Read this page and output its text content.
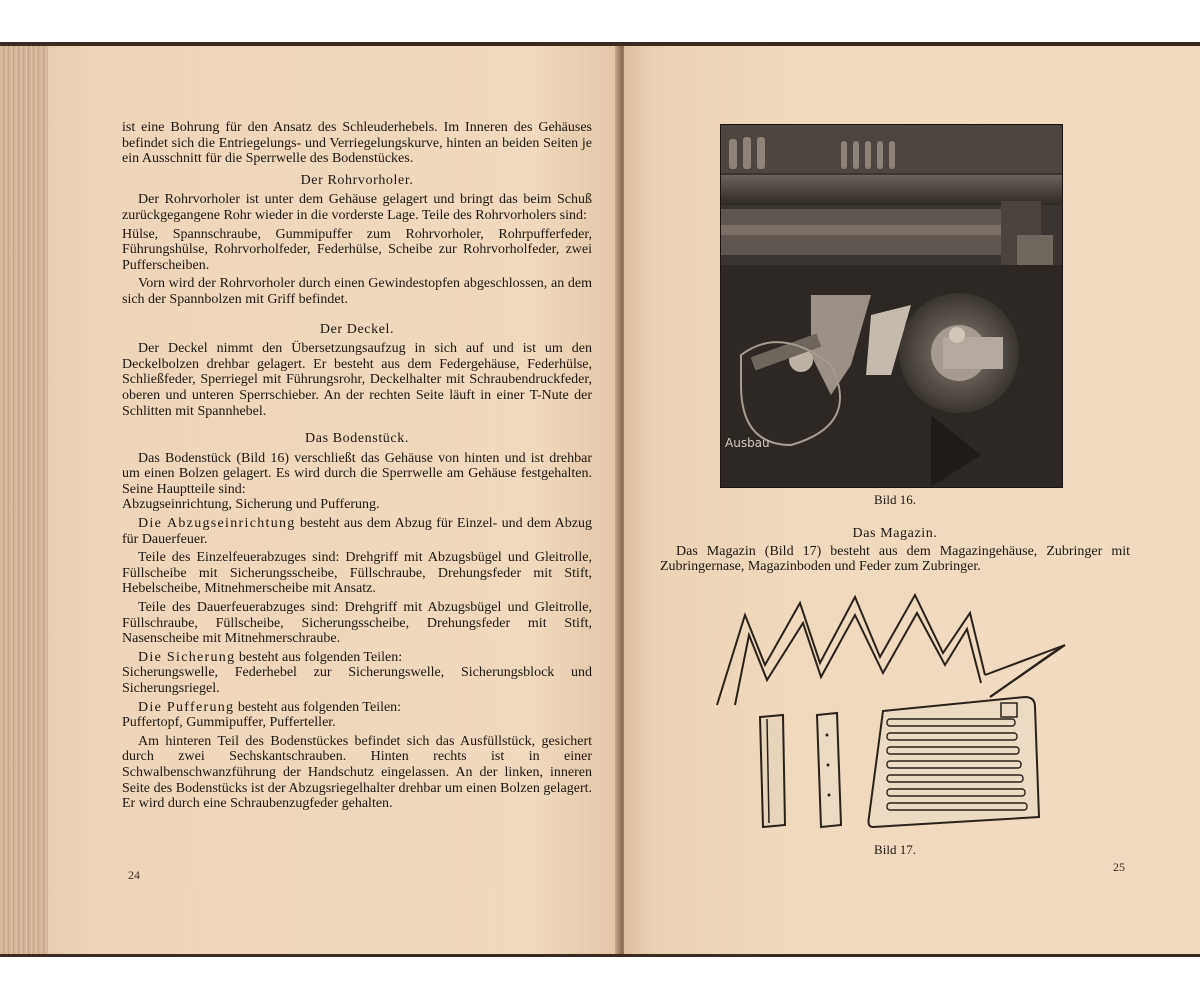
ist eine Bohrung für den Ansatz des Schleuderhebels. Im Inneren des Gehäuses befindet sich die Entriegelungs- und Verriegelungskurve, hinten an beiden Seiten je ein Ausschnitt für die Sperrwelle des Bodenstückes.

Der Rohrvorholer.

Der Rohrvorholer ist unter dem Gehäuse gelagert und bringt das beim Schuß zurückgegangene Rohr wieder in die vorderste Lage. Teile des Rohrvorholers sind:

Hülse, Spannschraube, Gummipuffer zum Rohrvorholer, Rohrpufferfeder, Führungshülse, Rohrvorholfeder, Federhülse, Scheibe zur Rohrvorholfeder, zwei Pufferscheiben.

Vorn wird der Rohrvorholer durch einen Gewindestopfen abgeschlossen, an dem sich der Spannbolzen mit Griff befindet.

Der Deckel.

Der Deckel nimmt den Übersetzungsaufzug in sich auf und ist um den Deckelbolzen drehbar gelagert. Er besteht aus dem Federgehäuse, Federhülse, Schließfeder, Sperriegel mit Führungsrohr, Deckelhalter mit Schraubendruckfeder, oberen und unteren Sperrschieber. An der rechten Seite läuft in einer T-Nute der Schlitten mit Spannhebel.

Das Bodenstück.

Das Bodenstück (Bild 16) verschließt das Gehäuse von hinten und ist drehbar um einen Bolzen gelagert. Es wird durch die Sperrwelle am Gehäuse festgehalten. Seine Hauptteile sind:

Abzugseinrichtung, Sicherung und Pufferung.

Die Abzugseinrichtung besteht aus dem Abzug für Einzel- und dem Abzug für Dauerfeuer.

Teile des Einzelfeuerabzuges sind: Drehgriff mit Abzugsbügel und Gleitrolle, Füllscheibe mit Sicherungsscheibe, Füllschraube, Drehungsfeder mit Stift, Hebelscheibe, Mitnehmerscheibe mit Ansatz.

Teile des Dauerfeuerabzuges sind: Drehgriff mit Abzugsbügel und Gleitrolle, Füllschraube, Füllscheibe, Sicherungsscheibe, Drehungsfeder mit Stift, Nasenscheibe mit Mitnehmerschraube.

Die Sicherung besteht aus folgenden Teilen:

Sicherungswelle, Federhebel zur Sicherungswelle, Sicherungsblock und Sicherungsriegel.

Die Pufferung besteht aus folgenden Teilen:

Puffertopf, Gummipuffer, Pufferteller.

Am hinteren Teil des Bodenstückes befindet sich das Ausfüllstück, gesichert durch zwei Sechskantschrauben. Hinten rechts ist in einer Schwalbenschwanzführung der Handschutz eingelassen. An der linken, inneren Seite des Bodenstücks ist der Abzugsriegelhalter drehbar um einen Bolzen gelagert. Er wird durch eine Schraubenzugfeder gehalten.

24
Ausbau
Bild 16.
Das Magazin.

Das Magazin (Bild 17) besteht aus dem Magazingehäuse, Zubringer mit Zubringernase, Magazinboden und Feder zum Zubringer.

Bild 17.
25
